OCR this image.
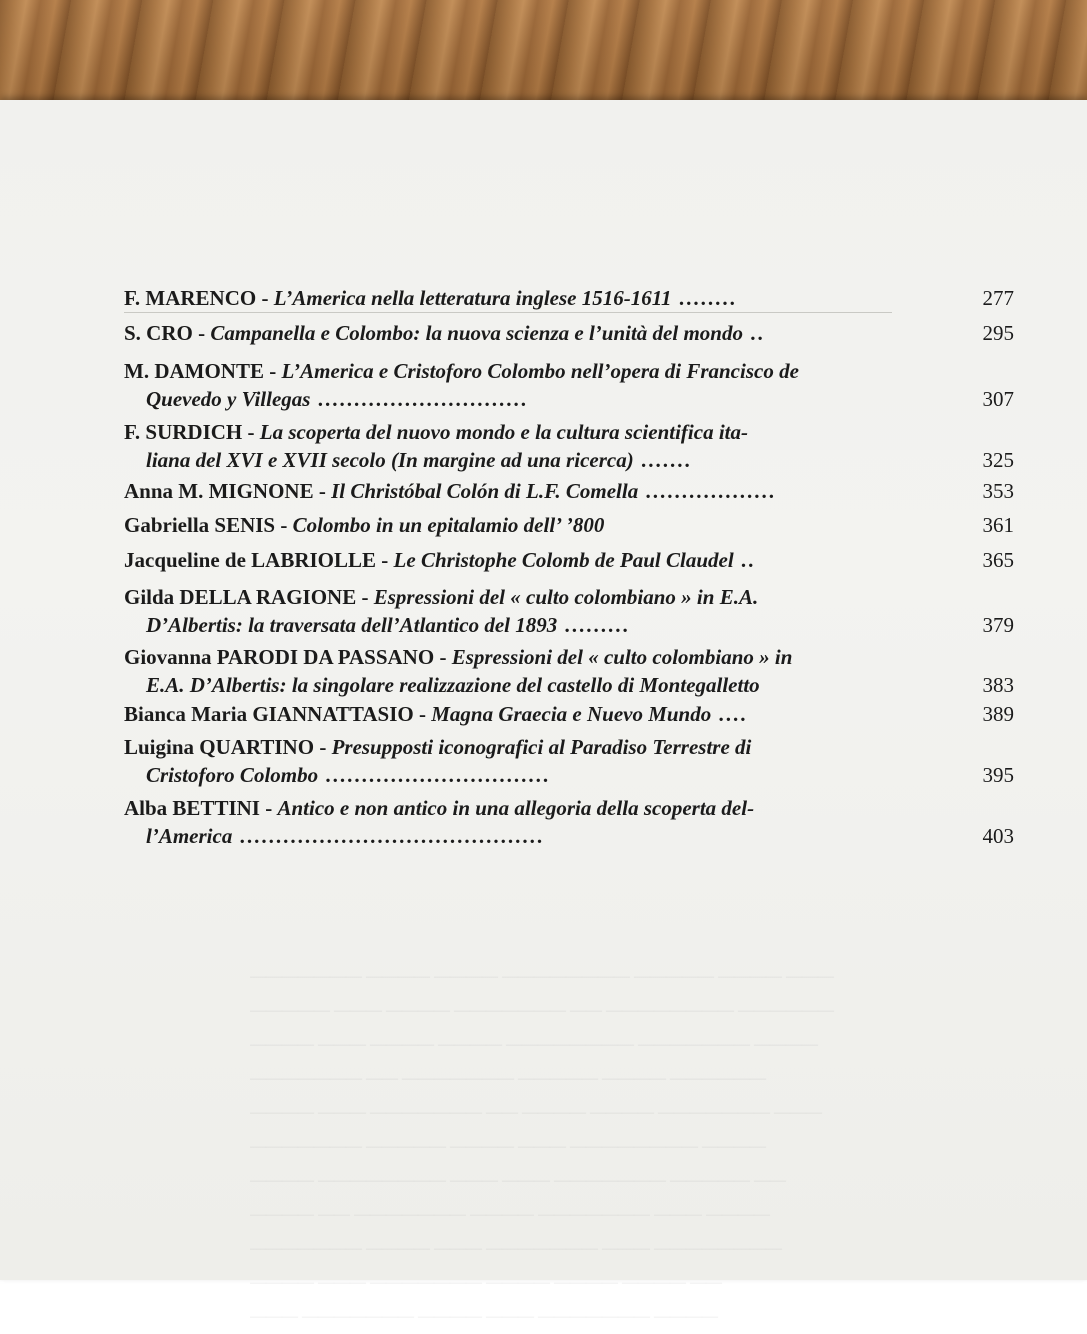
——————— ———— ———— ———————— ————— ———— ———
————— ——— ———— ——————— —— ———————— ——————
———— ——— ———— ———— ———————— ——————— ————
——————— —— ——————— ————— ———— ——————
———— ——— ——————— —— ———— ———— ——————— ———
——————— ————— ———— ——— ———————— ————
———— ———————— ——— ——— ——————— ————— ——
———— —— ——————— ———— ——————— ——— ————
——————— ———— ——— ——————— ——— ————————
———— ——— ——————— ———— ———— ———— ——
——— ——————— ———— ——— ——————— ————
F. MARENCO - L’America nella letteratura inglese 1516-1611 ........	277
S. CRO - Campanella e Colombo: la nuova scienza e l’unità del mondo ..	295
M. DAMONTE - L’America e Cristoforo Colombo nell’opera di Francisco de
Quevedo y Villegas .............................	307
F. SURDICH - La scoperta del nuovo mondo e la cultura scientifica ita-
liana del XVI e XVII secolo (In margine ad una ricerca) .......	325
Anna M. MIGNONE - Il Christóbal Colón di L.F. Comella ..................	353
Gabriella SENIS - Colombo in un epitalamio dell’ ’800	361
Jacqueline de LABRIOLLE - Le Christophe Colomb de Paul Claudel ..	365
Gilda DELLA RAGIONE - Espressioni del « culto colombiano » in E.A.
D’Albertis: la traversata dell’Atlantico del 1893 .........	379
Giovanna PARODI DA PASSANO - Espressioni del « culto colombiano » in
E.A. D’Albertis: la singolare realizzazione del castello di Montegalletto	383
Bianca Maria GIANNATTASIO - Magna Graecia e Nuevo Mundo ....	389
Luigina QUARTINO - Presupposti iconografici al Paradiso Terrestre di
Cristoforo Colombo ...............................	395
Alba BETTINI - Antico e non antico in una allegoria della scoperta del-
l’America ..........................................	403
